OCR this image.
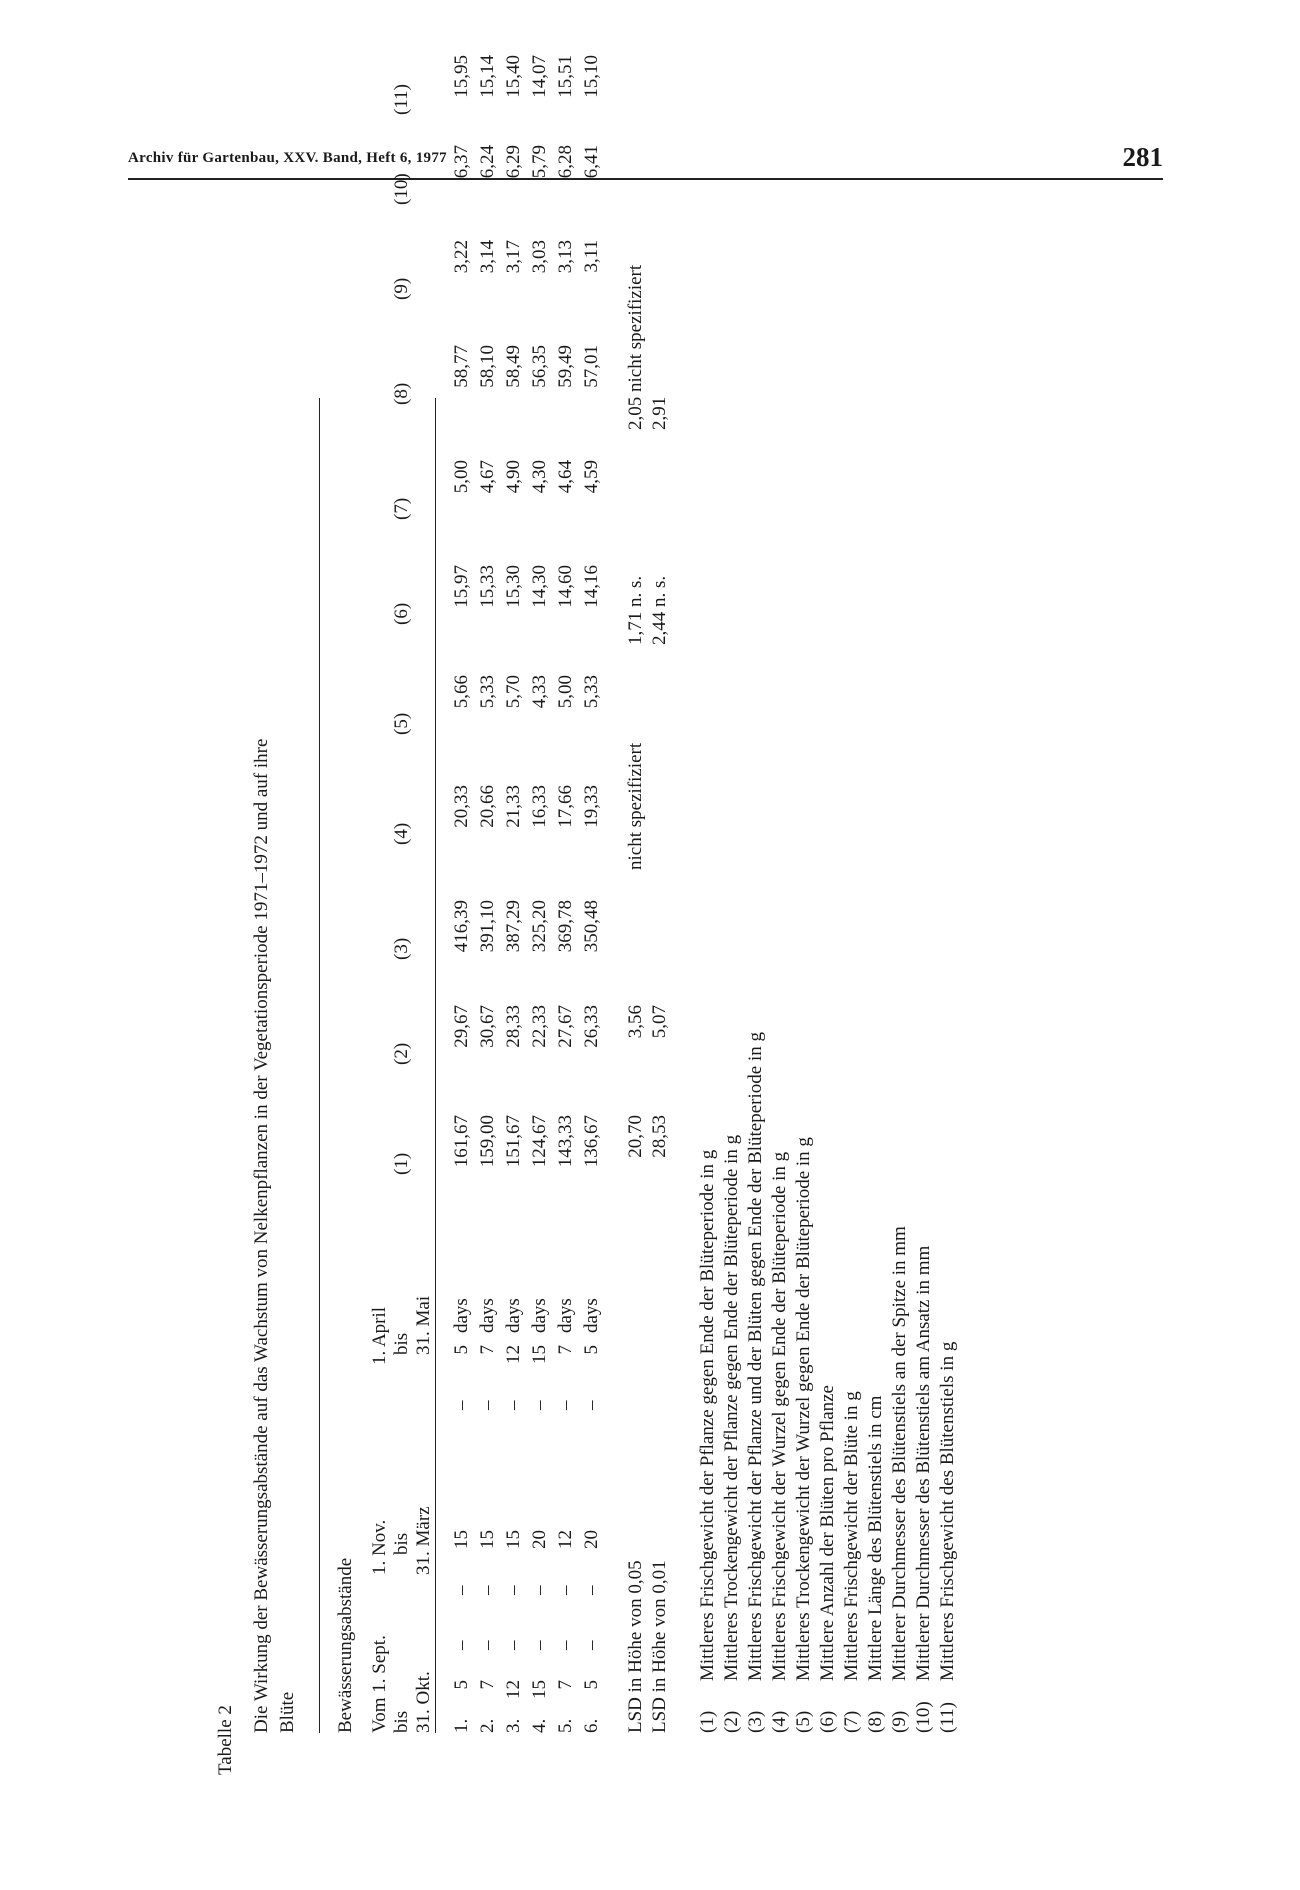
Archiv für Gartenbau, XXV. Band, Heft 6, 1977	281
Tabelle 2
Die Wirkung der Bewässerungsabstände auf das Wachstum von Nelkenpflanzen in der Vegetationsperiode 1971–1972 und auf ihre Blüte Bewässerungsabstände Vom 1. Sept. bis 31. Okt.
1. Nov. bis 31. März
1. April bis 31. Mai
(1)
(2)
(3)
(4)
(5)
(6)
(7)
(8)
(9)
(10)
(11)
1.
5
–
–
15
–
5
days
161,67
29,67
416,39
20,33
5,66
15,97
5,00
58,77
3,22
6,37
15,95
2.
7
–
–
15
–
7
days
159,00
30,67
391,10
20,66
5,33
15,33
4,67
58,10
3,14
6,24
15,14
3.
12
–
–
15
–
12
days
151,67
28,33
387,29
21,33
5,70
15,30
4,90
58,49
3,17
6,29
15,40
4.
15
–
–
20
–
15
days
124,67
22,33
325,20
16,33
4,33
14,30
4,30
56,35
3,03
5,79
14,07
5.
7
–
–
12
–
7
days
143,33
27,67
369,78
17,66
5,00
14,60
4,64
59,49
3,13
6,28
15,51
6.
5
–
–
20
–
5
days
136,67
26,33
350,48
19,33
5,33
14,16
4,59
57,01
3,11
6,41
15,10
LSD in Höhe von 0,05
20,70
3,56
nicht spezifiziert
1,71 n. s.
2,05 nicht spezifiziert
LSD in Höhe von 0,01
28,53
5,07
2,44 n. s.
2,91
(1)
Mittleres Frischgewicht der Pflanze gegen Ende der Blüteperiode in g
(2)
Mittleres Trockengewicht der Pflanze gegen Ende der Blüteperiode in g
(3)
Mittleres Frischgewicht der Pflanze und der Blüten gegen Ende der Blüteperiode in g
(4)
Mittleres Frischgewicht der Wurzel gegen Ende der Blüteperiode in g
(5)
Mittleres Trockengewicht der Wurzel gegen Ende der Blüteperiode in g
(6)
Mittlere Anzahl der Blüten pro Pflanze
(7)
Mittleres Frischgewicht der Blüte in g
(8)
Mittlere Länge des Blütenstiels in cm
(9)
Mittlerer Durchmesser des Blütenstiels an der Spitze in mm
(10)
Mittlerer Durchmesser des Blütenstiels am Ansatz in mm
(11)
Mittleres Frischgewicht des Blütenstiels in g
